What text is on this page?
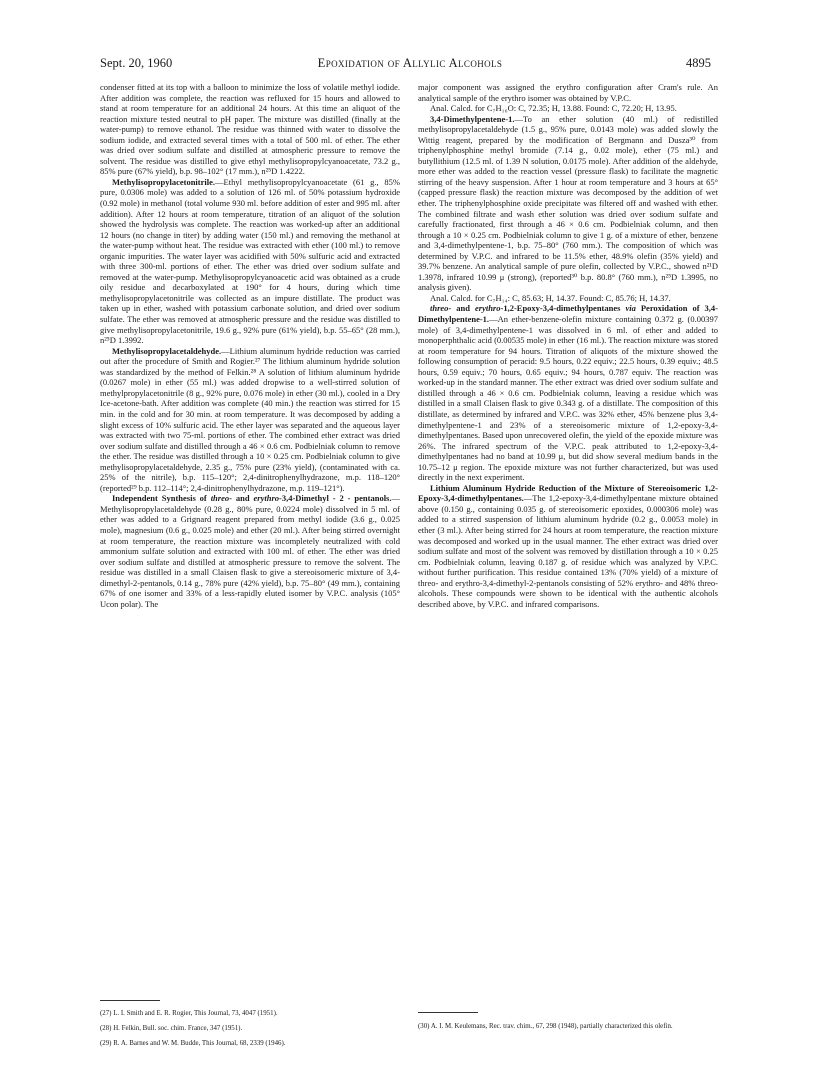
Sept. 20, 1960	Epoxidation of Allylic Alcohols	4895

condenser fitted at its top with a balloon to minimize the loss of volatile methyl iodide. After addition was complete, the reaction was refluxed for 15 hours and allowed to stand at room temperature for an additional 24 hours. At this time an aliquot of the reaction mixture tested neutral to pH paper. The mixture was distilled (finally at the water-pump) to remove ethanol. The residue was thinned with water to dissolve the sodium iodide, and extracted several times with a total of 500 ml. of ether. The ether was dried over sodium sulfate and distilled at atmospheric pressure to remove the solvent. The residue was distilled to give ethyl methylisopropylcyanoacetate, 73.2 g., 85% pure (67% yield), b.p. 98–102° (17 mm.), n²⁵D 1.4222.

Methylisopropylacetonitrile.—Ethyl methylisopropylcyanoacetate (61 g., 85% pure, 0.0306 mole) was added to a solution of 126 ml. of 50% potassium hydroxide (0.92 mole) in methanol (total volume 930 ml. before addition of ester and 995 ml. after addition). After 12 hours at room temperature, titration of an aliquot of the solution showed the hydrolysis was complete. The reaction was worked-up after an additional 12 hours (no change in titer) by adding water (150 ml.) and removing the methanol at the water-pump without heat. The residue was extracted with ether (100 ml.) to remove organic impurities. The water layer was acidified with 50% sulfuric acid and extracted with three 300-ml. portions of ether. The ether was dried over sodium sulfate and removed at the water-pump. Methylisopropylcyanoacetic acid was obtained as a crude oily residue and decarboxylated at 190° for 4 hours, during which time methylisopropylacetonitrile was collected as an impure distillate. The product was taken up in ether, washed with potassium carbonate solution, and dried over sodium sulfate. The ether was removed at atmospheric pressure and the residue was distilled to give methylisopropylacetonitrile, 19.6 g., 92% pure (61% yield), b.p. 55–65° (28 mm.), n²⁵D 1.3992.

Methylisopropylacetaldehyde.—Lithium aluminum hydride reduction was carried out after the procedure of Smith and Rogier.²⁷ The lithium aluminum hydride solution was standardized by the method of Felkin.²⁸ A solution of lithium aluminum hydride (0.0267 mole) in ether (55 ml.) was added dropwise to a well-stirred solution of methylpropylacetonitrile (8 g., 92% pure, 0.076 mole) in ether (30 ml.), cooled in a Dry Ice-acetone-bath. After addition was complete (40 min.) the reaction was stirred for 15 min. in the cold and for 30 min. at room temperature. It was decomposed by adding a slight excess of 10% sulfuric acid. The ether layer was separated and the aqueous layer was extracted with two 75-ml. portions of ether. The combined ether extract was dried over sodium sulfate and distilled through a 46 × 0.6 cm. Podbielniak column to remove the ether. The residue was distilled through a 10 × 0.25 cm. Podbielniak column to give methylisopropylacetaldehyde, 2.35 g., 75% pure (23% yield), (contaminated with ca. 25% of the nitrile), b.p. 115–120°; 2,4-dinitrophenylhydrazone, m.p. 118–120° (reported²⁹ b.p. 112–114°; 2,4-dinitrophenylhydrazone, m.p. 119–121°).

Independent Synthesis of threo- and erythro-3,4-Dimethyl - 2 - pentanols.—Methylisopropylacetaldehyde (0.28 g., 80% pure, 0.0224 mole) dissolved in 5 ml. of ether was added to a Grignard reagent prepared from methyl iodide (3.6 g., 0.025 mole), magnesium (0.6 g., 0.025 mole) and ether (20 ml.). After being stirred overnight at room temperature, the reaction mixture was incompletely neutralized with cold ammonium sulfate solution and extracted with 100 ml. of ether. The ether was dried over sodium sulfate and distilled at atmospheric pressure to remove the solvent. The residue was distilled in a small Claisen flask to give a stereoisomeric mixture of 3,4-dimethyl-2-pentanols, 0.14 g., 78% pure (42% yield), b.p. 75–80° (49 mm.), containing 67% of one isomer and 33% of a less-rapidly eluted isomer by V.P.C. analysis (105° Ucon polar). The

(27) L. I. Smith and E. R. Rogier, This Journal, 73, 4047 (1951).

(28) H. Felkin, Bull. soc. chim. France, 347 (1951).

(29) R. A. Barnes and W. M. Budde, This Journal, 68, 2339 (1946).

major component was assigned the erythro configuration after Cram's rule. An analytical sample of the erythro isomer was obtained by V.P.C.

Anal. Calcd. for C₇H₁₆O: C, 72.35; H, 13.88. Found: C, 72.20; H, 13.95.

3,4-Dimethylpentene-1.—To an ether solution (40 ml.) of redistilled methylisopropylacetaldehyde (1.5 g., 95% pure, 0.0143 mole) was added slowly the Wittig reagent, prepared by the modification of Bergmann and Dusza³⁰ from triphenylphosphine methyl bromide (7.14 g., 0.02 mole), ether (75 ml.) and butyllithium (12.5 ml. of 1.39 N solution, 0.0175 mole). After addition of the aldehyde, more ether was added to the reaction vessel (pressure flask) to facilitate the magnetic stirring of the heavy suspension. After 1 hour at room temperature and 3 hours at 65° (capped pressure flask) the reaction mixture was decomposed by the addition of wet ether. The triphenylphosphine oxide precipitate was filtered off and washed with ether. The combined filtrate and wash ether solution was dried over sodium sulfate and carefully fractionated, first through a 46 × 0.6 cm. Podbielniak column, and then through a 10 × 0.25 cm. Podbielniak column to give 1 g. of a mixture of ether, benzene and 3,4-dimethylpentene-1, b.p. 75–80° (760 mm.). The composition of which was determined by V.P.C. and infrared to be 11.5% ether, 48.9% olefin (35% yield) and 39.7% benzene. An analytical sample of pure olefin, collected by V.P.C., showed n²¹D 1.3978, infrared 10.99 μ (strong), (reported³⁰ b.p. 80.8° (760 mm.), n²⁵D 1.3995, no analysis given).

Anal. Calcd. for C₇H₁₄: C, 85.63; H, 14.37. Found: C, 85.76; H, 14.37.

threo- and erythro-1,2-Epoxy-3,4-dimethylpentanes via Peroxidation of 3,4-Dimethylpentene-1.—An ether-benzene-olefin mixture containing 0.372 g. (0.00397 mole) of 3,4-dimethylpentene-1 was dissolved in 6 ml. of ether and added to monoperphthalic acid (0.00535 mole) in ether (16 ml.). The reaction mixture was stored at room temperature for 94 hours. Titration of aliquots of the mixture showed the following consumption of peracid: 9.5 hours, 0.22 equiv.; 22.5 hours, 0.39 equiv.; 48.5 hours, 0.59 equiv.; 70 hours, 0.65 equiv.; 94 hours, 0.787 equiv. The reaction was worked-up in the standard manner. The ether extract was dried over sodium sulfate and distilled through a 46 × 0.6 cm. Podbielniak column, leaving a residue which was distilled in a small Claisen flask to give 0.343 g. of a distillate. The composition of this distillate, as determined by infrared and V.P.C. was 32% ether, 45% benzene plus 3,4-dimethylpentene-1 and 23% of a stereoisomeric mixture of 1,2-epoxy-3,4-dimethylpentanes. Based upon unrecovered olefin, the yield of the epoxide mixture was 26%. The infrared spectrum of the V.P.C. peak attributed to 1,2-epoxy-3,4-dimethylpentanes had no band at 10.99 μ, but did show several medium bands in the 10.75–12 μ region. The epoxide mixture was not further characterized, but was used directly in the next experiment.

Lithium Aluminum Hydride Reduction of the Mixture of Stereoisomeric 1,2-Epoxy-3,4-dimethylpentanes.—The 1,2-epoxy-3,4-dimethylpentane mixture obtained above (0.150 g., containing 0.035 g. of stereoisomeric epoxides, 0.000306 mole) was added to a stirred suspension of lithium aluminum hydride (0.2 g., 0.0053 mole) in ether (3 ml.). After being stirred for 24 hours at room temperature, the reaction mixture was decomposed and worked up in the usual manner. The ether extract was dried over sodium sulfate and most of the solvent was removed by distillation through a 10 × 0.25 cm. Podbielniak column, leaving 0.187 g. of residue which was analyzed by V.P.C. without further purification. This residue contained 13% (70% yield) of a mixture of threo- and erythro-3,4-dimethyl-2-pentanols consisting of 52% erythro- and 48% threo-alcohols. These compounds were shown to be identical with the authentic alcohols described above, by V.P.C. and infrared comparisons.

(30) A. I. M. Keulemans, Rec. trav. chim., 67, 298 (1948), partially characterized this olefin.
